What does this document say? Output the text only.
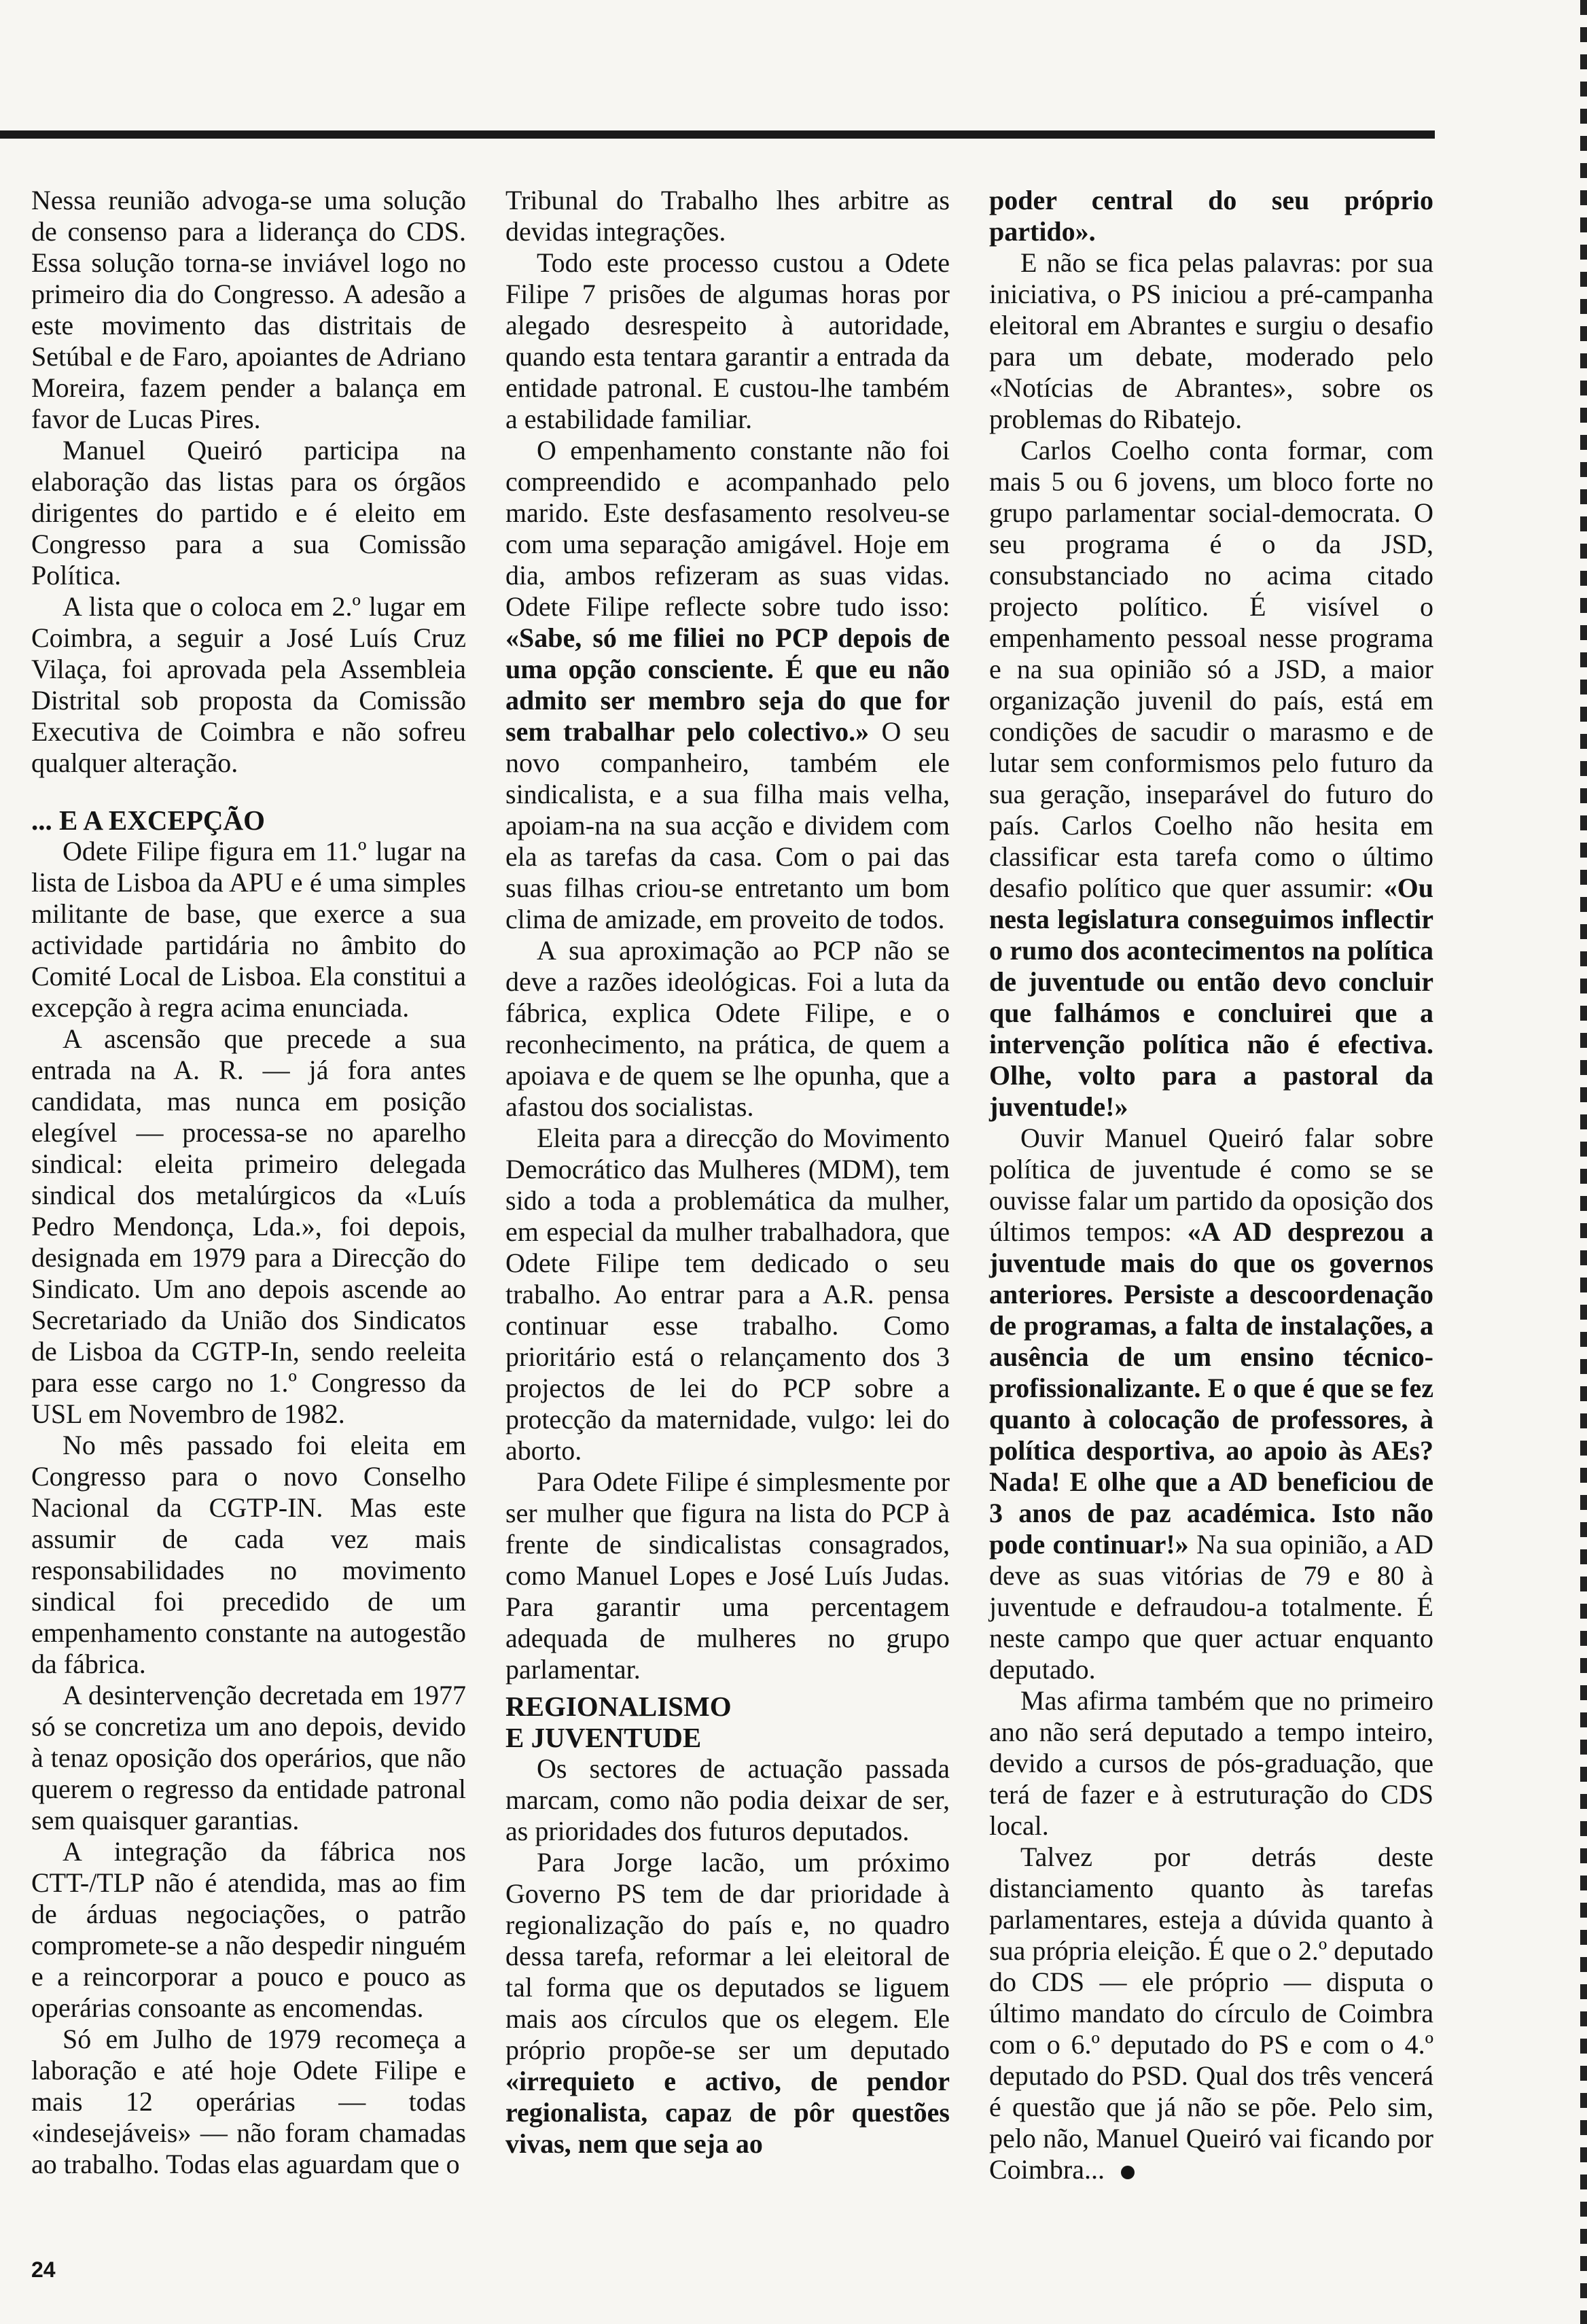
Nessa reunião advoga-se uma solução de consenso para a liderança do CDS. Essa solução torna-se inviável logo no primeiro dia do Congresso. A adesão a este movimento das distritais de Setúbal e de Faro, apoiantes de Adriano Moreira, fazem pender a balança em favor de Lucas Pires.

Manuel Queiró participa na elaboração das listas para os órgãos dirigentes do partido e é eleito em Congresso para a sua Comissão Política.

A lista que o coloca em 2.º lugar em Coimbra, a seguir a José Luís Cruz Vilaça, foi aprovada pela Assembleia Distrital sob proposta da Comissão Executiva de Coimbra e não sofreu qualquer alteração.

... E A EXCEPÇÃO

Odete Filipe figura em 11.º lugar na lista de Lisboa da APU e é uma simples militante de base, que exerce a sua actividade partidária no âmbito do Comité Local de Lisboa. Ela constitui a excepção à regra acima enunciada.

A ascensão que precede a sua entrada na A. R. — já fora antes candidata, mas nunca em posição elegível — processa-se no aparelho sindical: eleita primeiro delegada sindical dos metalúrgicos da «Luís Pedro Mendonça, Lda.», foi depois, designada em 1979 para a Direcção do Sindicato. Um ano depois ascende ao Secretariado da União dos Sindicatos de Lisboa da CGTP-In, sendo reeleita para esse cargo no 1.º Congresso da USL em Novembro de 1982.

No mês passado foi eleita em Congresso para o novo Conselho Nacional da CGTP-IN. Mas este assumir de cada vez mais responsabilidades no movimento sindical foi precedido de um empenhamento constante na autogestão da fábrica.

A desintervenção decretada em 1977 só se concretiza um ano depois, devido à tenaz oposição dos operários, que não querem o regresso da entidade patronal sem quaisquer garantias.

A integração da fábrica nos CTT-/TLP não é atendida, mas ao fim de árduas negociações, o patrão compromete-se a não despedir ninguém e a reincorporar a pouco e pouco as operárias consoante as encomendas.

Só em Julho de 1979 recomeça a laboração e até hoje Odete Filipe e mais 12 operárias — todas «indesejáveis» — não foram chamadas ao trabalho. Todas elas aguardam que o

Tribunal do Trabalho lhes arbitre as devidas integrações.

Todo este processo custou a Odete Filipe 7 prisões de algumas horas por alegado desrespeito à autoridade, quando esta tentara garantir a entrada da entidade patronal. E custou-lhe também a estabilidade familiar.

O empenhamento constante não foi compreendido e acompanhado pelo marido. Este desfasamento resolveu-se com uma separação amigável. Hoje em dia, ambos refizeram as suas vidas. Odete Filipe reflecte sobre tudo isso: «Sabe, só me filiei no PCP depois de uma opção consciente. É que eu não admito ser membro seja do que for sem trabalhar pelo colectivo.» O seu novo companheiro, também ele sindicalista, e a sua filha mais velha, apoiam-na na sua acção e dividem com ela as tarefas da casa. Com o pai das suas filhas criou-se entretanto um bom clima de amizade, em proveito de todos.

A sua aproximação ao PCP não se deve a razões ideológicas. Foi a luta da fábrica, explica Odete Filipe, e o reconhecimento, na prática, de quem a apoiava e de quem se lhe opunha, que a afastou dos socialistas.

Eleita para a direcção do Movimento Democrático das Mulheres (MDM), tem sido a toda a problemática da mulher, em especial da mulher trabalhadora, que Odete Filipe tem dedicado o seu trabalho. Ao entrar para a A.R. pensa continuar esse trabalho. Como prioritário está o relançamento dos 3 projectos de lei do PCP sobre a protecção da maternidade, vulgo: lei do aborto.

Para Odete Filipe é simplesmente por ser mulher que figura na lista do PCP à frente de sindicalistas consagrados, como Manuel Lopes e José Luís Judas. Para garantir uma percentagem adequada de mulheres no grupo parlamentar.

REGIONALISMO
E JUVENTUDE

Os sectores de actuação passada marcam, como não podia deixar de ser, as prioridades dos futuros deputados.

Para Jorge lacão, um próximo Governo PS tem de dar prioridade à regionalização do país e, no quadro dessa tarefa, reformar a lei eleitoral de tal forma que os deputados se liguem mais aos círculos que os elegem. Ele próprio propõe-se ser um deputado «irrequieto e activo, de pendor regionalista, capaz de pôr questões vivas, nem que seja ao

poder central do seu próprio partido».

E não se fica pelas palavras: por sua iniciativa, o PS iniciou a pré-campanha eleitoral em Abrantes e surgiu o desafio para um debate, moderado pelo «Notícias de Abrantes», sobre os problemas do Ribatejo.

Carlos Coelho conta formar, com mais 5 ou 6 jovens, um bloco forte no grupo parlamentar social-democrata. O seu programa é o da JSD, consubstanciado no acima citado projecto político. É visível o empenhamento pessoal nesse programa e na sua opinião só a JSD, a maior organização juvenil do país, está em condições de sacudir o marasmo e de lutar sem conformismos pelo futuro da sua geração, inseparável do futuro do país. Carlos Coelho não hesita em classificar esta tarefa como o último desafio político que quer assumir: «Ou nesta legislatura conseguimos inflectir o rumo dos acontecimentos na política de juventude ou então devo concluir que falhámos e concluirei que a intervenção política não é efectiva. Olhe, volto para a pastoral da juventude!»

Ouvir Manuel Queiró falar sobre política de juventude é como se se ouvisse falar um partido da oposição dos últimos tempos: «A AD desprezou a juventude mais do que os governos anteriores. Persiste a descoordenação de programas, a falta de instalações, a ausência de um ensino técnico-profissionalizante. E o que é que se fez quanto à colocação de professores, à política desportiva, ao apoio às AEs? Nada! E olhe que a AD beneficiou de 3 anos de paz académica. Isto não pode continuar!» Na sua opinião, a AD deve as suas vitórias de 79 e 80 à juventude e defraudou-a totalmente. É neste campo que quer actuar enquanto deputado.

Mas afirma também que no primeiro ano não será deputado a tempo inteiro, devido a cursos de pós-graduação, que terá de fazer e à estruturação do CDS local.

Talvez por detrás deste distanciamento quanto às tarefas parlamentares, esteja a dúvida quanto à sua própria eleição. É que o 2.º deputado do CDS — ele próprio — disputa o último mandato do círculo de Coimbra com o 6.º deputado do PS e com o 4.º deputado do PSD. Qual dos três vencerá é questão que já não se põe. Pelo sim, pelo não, Manuel Queiró vai ficando por Coimbra...

24
